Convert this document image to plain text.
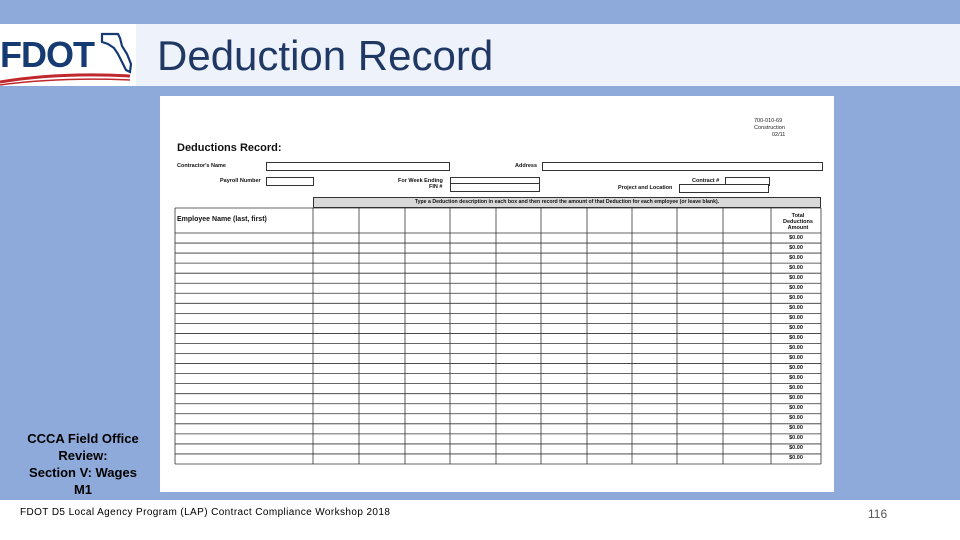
FDOT Deduction Record
700-010-69
Construction
02/11
Deductions Record:
Contractor's Name	Address
Payroll Number	For Week Ending
FIN #
Contract #
Project and Location
Type a Deduction description in each box and then record the amount of that Deduction for each employee (or leave blank).
Employee Name (last, first)	Total
Deductions
Amount
$0.00
$0.00
$0.00
$0.00
$0.00
$0.00
$0.00
$0.00
$0.00
$0.00
$0.00
$0.00
$0.00
$0.00
$0.00
$0.00
$0.00
$0.00
$0.00
$0.00
$0.00
$0.00
$0.00
CCCA Field Office
Review:
Section V: Wages
M1
FDOT D5 Local Agency Program (LAP) Contract Compliance Workshop 2018	116
